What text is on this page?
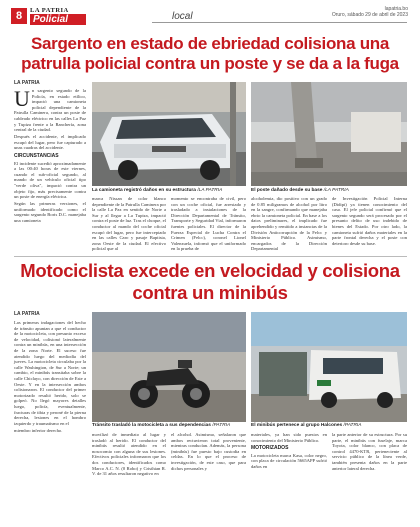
8	LA PATRIA
Policial	local
lapatria.bo
Oruro, sábado 29 de abril de 2023
Sargento en estado de ebriedad colisiona una patrulla policial contra un poste y se da a la fuga
LA PATRIA
U n sargento segundo de la Policía, en estado etílico, impactó una camioneta policial dependiente de la Patrulla Caminera, contra un poste de cableado eléctrico en las calles La Paz y Tupiza frente a la Ranchería, zona central de la ciudad.

Después el accidente, el implicado escapó del lugar, pero fue capturado a unas cuadras del accidente.

CIRCUNSTANCIAS

El incidente sucedió aproximadamente a las 00:40 horas de este viernes, cuando el sub-oficial segundo, al mando de un vehículo oficial tipo "verde oliva", impactó contra un objeto fijo, más precisamente contra un poste de energía eléctrica.

Según las primeras versiones, el uniformado identificado como el sargento segundo Boris D.C. manejaba una camioneta

La camioneta registró daños en su estructura /LA PATRIA	El poste dañado desde su base /LA PATRIA

marca Nissan de color blanco dependiente de la Patrulla Caminera por la calle La Paz en sentido de Norte a Sur y al llegar a La Tupiza, impactó contra el poste de luz. Tras el choque, el conductor al mando del coche oficial escapó del lugar, pero fue interceptado en las calles Caro y pasaje Baptista, zona Oeste de la ciudad. El efectivo policial que al

momento se encontraba de civil, pero con un coche oficial, fue arrestado y trasladado a instalaciones de la Dirección Departamental de Tránsito, Transporte y Seguridad Vial, informaron fuentes policiales. El director de la Fuerza Especial de Lucha Contra el Crimen (Felcc), coronel Lionel Valenzuela, informó que el uniformado en la prueba de

alcoholemia, dio positivo con un grado de 0.85 miligramos de alcohol por litro en la sangre, confirmando que manejaba ebrio la camioneta policial. En base a los datos preliminares, el implicado fue aprehendido y remitido a instancias de la División Anticorrupción de la Felcc y Ministerio Público. Asimismo, encargados de la Dirección Departamental

de Investigación Policial Interna (Didipi) ya tienen conocimiento del caso. El jefe policial confirmó que el sargento segundo será procesado por el presunto delito de uso indebido de bienes del Estado. Por otro lado, la camioneta sufrió daños materiales en la parte frontal derecha y el poste con deterioro desde su base.

Motociclista excede en velocidad y colisiona contra un minibús
LA PATRIA

Las primeras indagaciones del hecho de tránsito apuntan a que el conductor de la motocicleta, con presunto exceso de velocidad, colisionó lateralmente contra un minibús, en una intersección de la zona Norte. El suceso fue atendido luego del mediodía del jueves. La motocicleta circulaba por la calle Washington, de Sur a Norte; un cambio, el minibús transitaba sobre la calle Chiclayo, con dirección de Este a Oeste. Y en la intersección ambos colisionaron. El conductor del primer motorizado resultó herido, solo se golpeó. No llegó mayores detalles luego, policía, eventualmente, fracturas de tibia y peroné de la pierna derecha, lesiones en el hombro izquierdo y traumatismo en el

miembro inferior derecho.

Tránsito trasladó la motocicleta a sus dependencias /PATRIA	El minibús pertenece al grupo Halcones /PATRIA

movilizó de inmediato al lugar y trasladó al herido. El conductor del minibús resultó atendido en el nosocomio con alguna de sus lesiones. Efectivos policiales informaron que los dos conductores, identificados como Marco A.C. N. (0 Robo) y Cristhian R. V. de 31 años resultaron negativo en

el alcohol. Asimismo, señalaron que ambos rectuvieron total proveniente, mientras conducían. Además, la persona (minibús) fue puesto bajo custodia en celdas. En lo que el proceso de investigación, de este caso, que para dichos personales y

materiales, ya han sido puestos en conocimiento del Ministerio Público.

MOTORIZADOS

La motocicleta marca Kasa, color negro, con placa de circulación 5665APP sufrió daños en

la parte anterior de su estructura. Por su parte, el minibús con fuselaje, marca Toyota, color blanco, con placa de control 4470-KTR, perteneciente al servicio público de la línea verde, también presenta daños en la parte anterior lateral derecha.
